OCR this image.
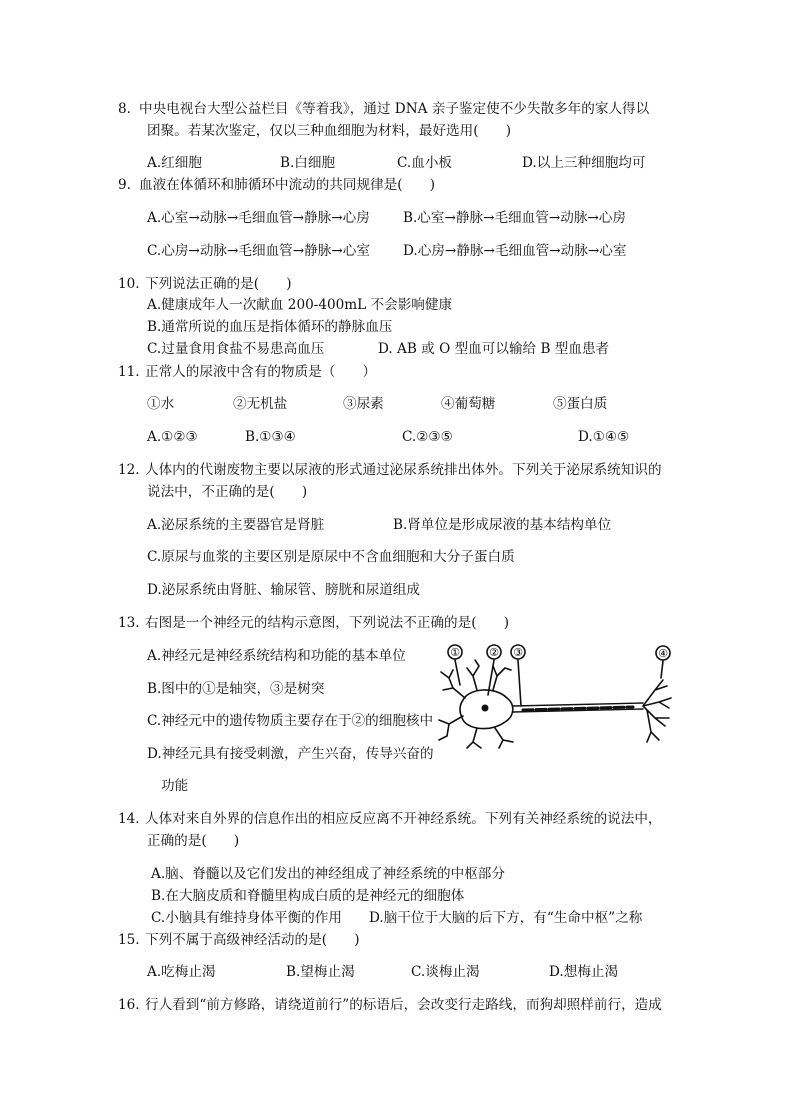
8. 中央电视台大型公益栏目《等着我》，通过 DNA 亲子鉴定使不少失散多年的家人得以
团聚。若某次鉴定，仅以三种血细胞为材料，最好选用(　　)
A.红细胞	B.白细胞	C.血小板	D.以上三种细胞均可
9. 血液在体循环和肺循环中流动的共同规律是(　　)
A.心室→动脉→毛细血管→静脉→心房 B.心室→静脉→毛细血管→动脉→心房
C.心房→动脉→毛细血管→静脉→心室 D.心房→静脉→毛细血管→动脉→心室
10. 下列说法正确的是(　　)
A.健康成年人一次献血 200-400mL 不会影响健康
B.通常所说的血压是指体循环的静脉血压
C.过量食用食盐不易患高血压	D. AB 或 O 型血可以输给 B 型血患者
11. 正常人的尿液中含有的物质是（　　）
①水	②无机盐	③尿素	④葡萄糖	⑤蛋白质
A.①②③	B.①③④	C.②③⑤	D.①④⑤
12. 人体内的代谢废物主要以尿液的形式通过泌尿系统排出体外。下列关于泌尿系统知识的
说法中，不正确的是(　　)
A.泌尿系统的主要器官是肾脏	B.肾单位是形成尿液的基本结构单位
C.原尿与血浆的主要区别是原尿中不含血细胞和大分子蛋白质
D.泌尿系统由肾脏、输尿管、膀胱和尿道组成
13. 右图是一个神经元的结构示意图，下列说法不正确的是(　　)
A.神经元是神经系统结构和功能的基本单位
B.图中的①是轴突，③是树突
C.神经元中的遗传物质主要存在于②的细胞核中
D.神经元具有接受刺激，产生兴奋，传导兴奋的
功能
①	② ③	④
14. 人体对来自外界的信息作出的相应反应离不开神经系统。下列有关神经系统的说法中，
正确的是(　　)
A.脑、脊髓以及它们发出的神经组成了神经系统的中枢部分
B.在大脑皮质和脊髓里构成白质的是神经元的细胞体
C.小脑具有维持身体平衡的作用 D.脑干位于大脑的后下方，有“生命中枢”之称
15. 下列不属于高级神经活动的是(　　)
A.吃梅止渴	B.望梅止渴	C.谈梅止渴	D.想梅止渴
16. 行人看到“前方修路，请绕道前行”的标语后，会改变行走路线，而狗却照样前行，造成
